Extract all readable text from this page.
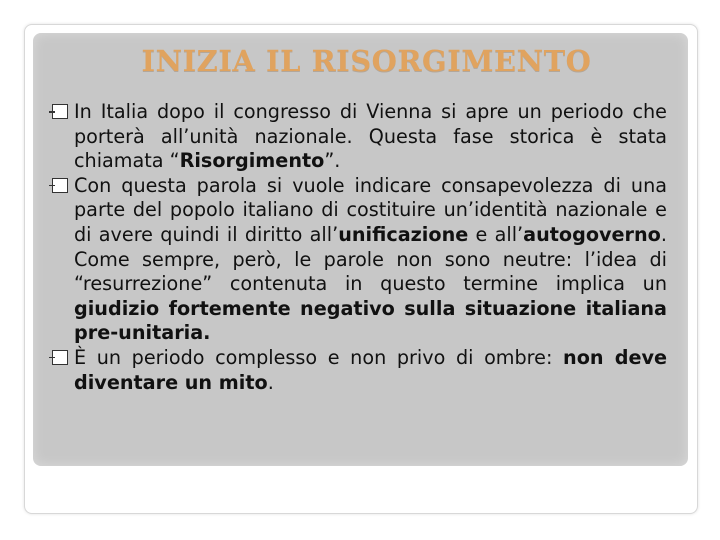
INIZIA IL RISORGIMENTO
In Italia dopo il congresso di Vienna si apre un periodo che porterà all’unità nazionale. Questa fase storica è stata chiamata “Risorgimento”.
Con questa parola si vuole indicare consapevolezza di una parte del popolo italiano di costituire un’identità nazionale e di avere quindi il diritto all’unificazione e all’autogoverno. Come sempre, però, le parole non sono neutre: l’idea di “resurrezione” contenuta in questo termine implica un giudizio fortemente negativo sulla situazione italiana pre-unitaria.
È un periodo complesso e non privo di ombre: non deve diventare un mito.
